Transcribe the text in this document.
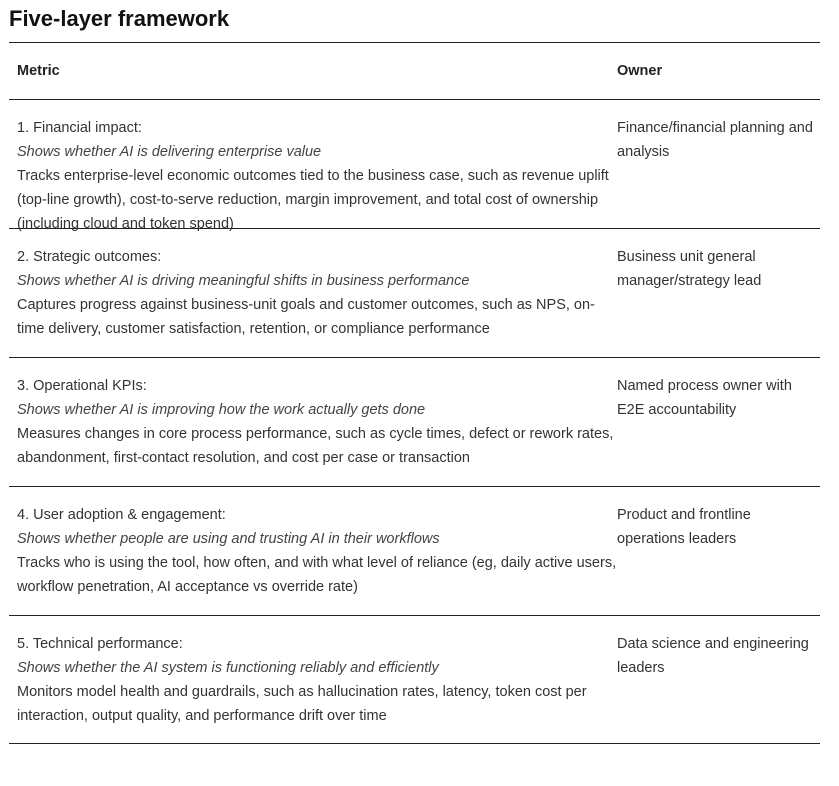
Five-layer framework
Metric	Owner
1. Financial impact:
Shows whether AI is delivering enterprise value
Tracks enterprise-level economic outcomes tied to the business case, such as revenue uplift (top-line growth), cost-to-serve reduction, margin improvement, and total cost of ownership (including cloud and token spend)
Finance/financial planning and analysis
2. Strategic outcomes:
Shows whether AI is driving meaningful shifts in business performance
Captures progress against business-unit goals and customer outcomes, such as NPS, on-time delivery, customer satisfaction, retention, or compliance performance
Business unit general manager/strategy lead
3. Operational KPIs:
Shows whether AI is improving how the work actually gets done
Measures changes in core process performance, such as cycle times, defect or rework rates, abandonment, first-contact resolution, and cost per case or transaction
Named process owner with E2E accountability
4. User adoption & engagement:
Shows whether people are using and trusting AI in their workflows
Tracks who is using the tool, how often, and with what level of reliance (eg, daily active users, workflow penetration, AI acceptance vs override rate)
Product and frontline operations leaders
5. Technical performance:
Shows whether the AI system is functioning reliably and efficiently
Monitors model health and guardrails, such as hallucination rates, latency, token cost per interaction, output quality, and performance drift over time
Data science and engineering leaders
